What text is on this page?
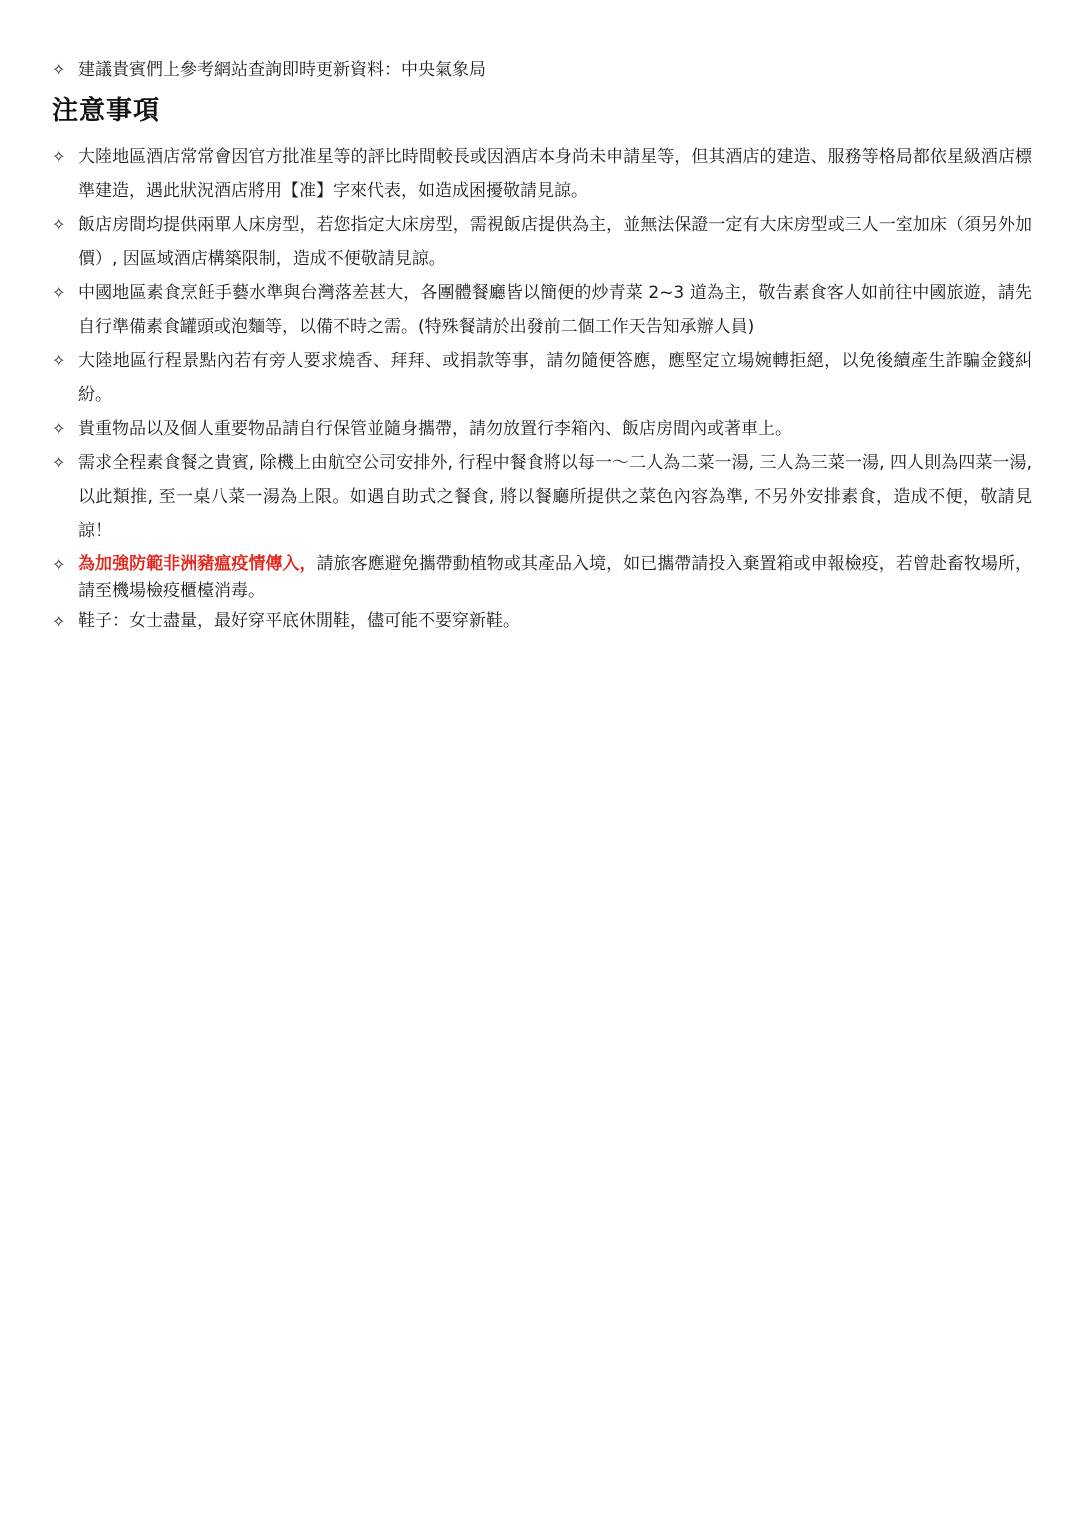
✧ 建議貴賓們上參考網站查詢即時更新資料：中央氣象局
注意事項
✧ 大陸地區酒店常常會因官方批准星等的評比時間較長或因酒店本身尚未申請星等，但其酒店的建造、服務等格局都依星級酒店標準建造，遇此狀況酒店將用【准】字來代表，如造成困擾敬請見諒。
✧ 飯店房間均提供兩單人床房型，若您指定大床房型，需視飯店提供為主，並無法保證一定有大床房型或三人一室加床（須另外加價）, 因區域酒店構築限制，造成不便敬請見諒。
✧ 中國地區素食烹飪手藝水準與台灣落差甚大，各團體餐廳皆以簡便的炒青菜 2~3 道為主，敬告素食客人如前往中國旅遊，請先自行準備素食罐頭或泡麵等，以備不時之需。(特殊餐請於出發前二個工作天告知承辦人員)
✧ 大陸地區行程景點內若有旁人要求燒香、拜拜、或捐款等事，請勿隨便答應，應堅定立場婉轉拒絕，以免後續產生詐騙金錢糾紛。
✧ 貴重物品以及個人重要物品請自行保管並隨身攜帶，請勿放置行李箱內、飯店房間內或著車上。
✧ 需求全程素食餐之貴賓, 除機上由航空公司安排外, 行程中餐食將以每一～二人為二菜一湯, 三人為三菜一湯, 四人則為四菜一湯, 以此類推, 至一桌八菜一湯為上限。如遇自助式之餐食, 將以餐廳所提供之菜色內容為準, 不另外安排素食，造成不便，敬請見諒！
✧ 為加強防範非洲豬瘟疫情傳入，請旅客應避免攜帶動植物或其產品入境，如已攜帶請投入棄置箱或申報檢疫，若曾赴畜牧場所，請至機場檢疫櫃檯消毒。
✧ 鞋子：女士盡量，最好穿平底休閒鞋，儘可能不要穿新鞋。
